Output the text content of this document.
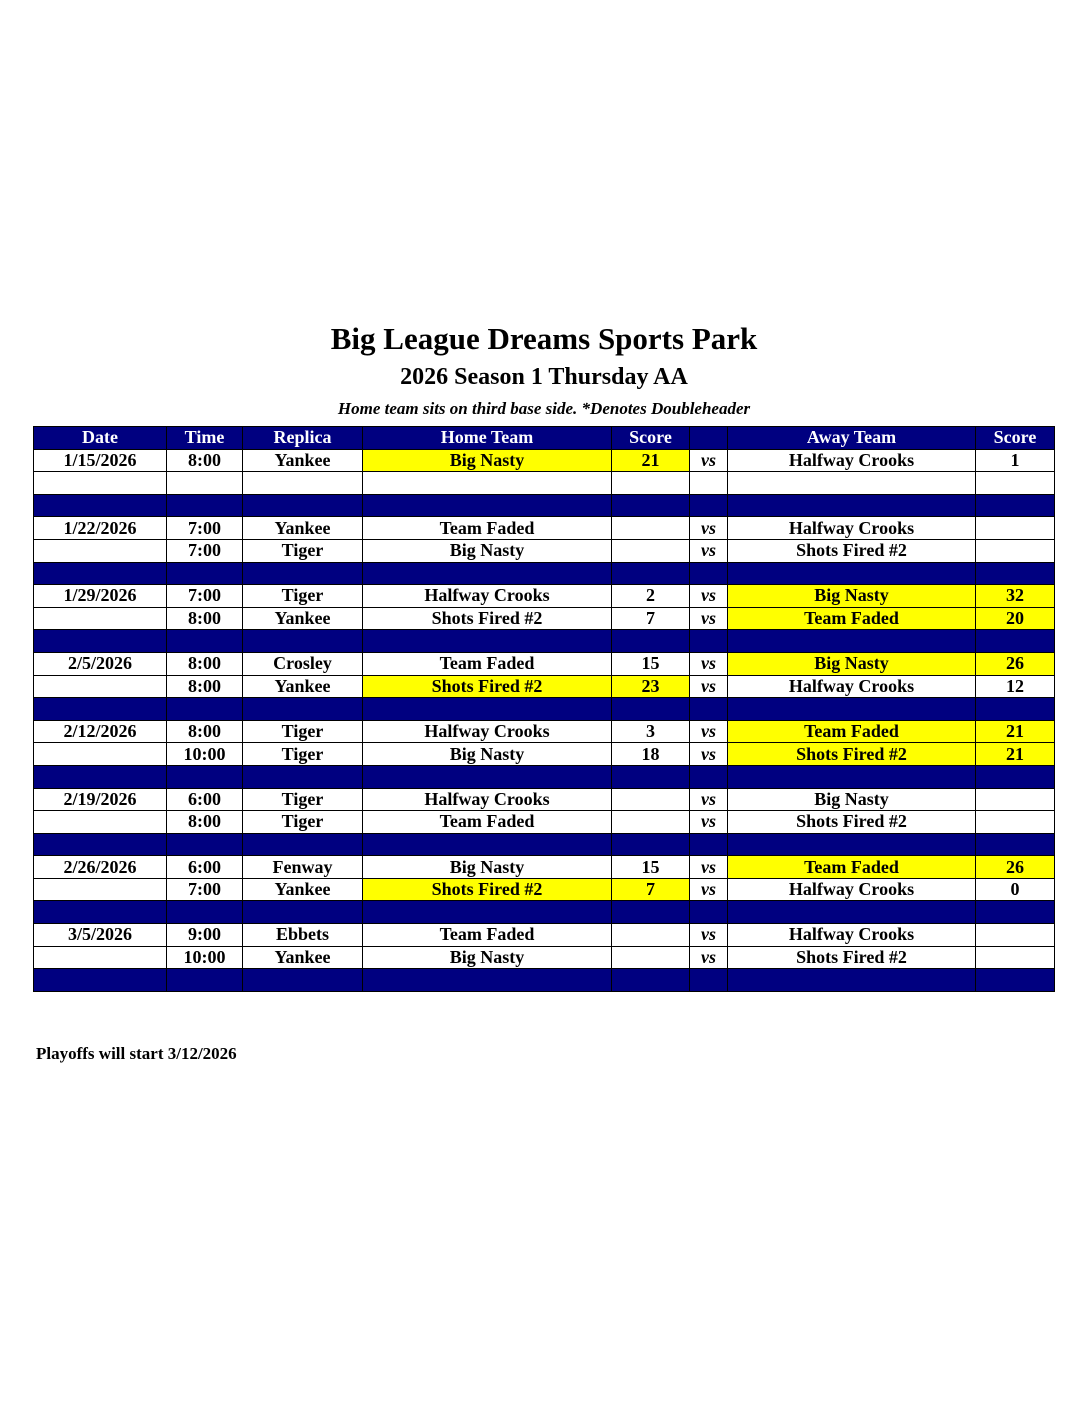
Big League Dreams Sports Park
2026 Season 1 Thursday AA
Home team sits on third base side. *Denotes Doubleheader
Date	Time	Replica	Home Team	Score		Away Team	Score
1/15/2026	8:00	Yankee	Big Nasty	21	vs	Halfway Crooks	1

1/22/2026	7:00	Yankee	Team Faded		vs	Halfway Crooks	
	7:00	Tiger	Big Nasty		vs	Shots Fired #2	

1/29/2026	7:00	Tiger	Halfway Crooks	2	vs	Big Nasty	32
	8:00	Yankee	Shots Fired #2	7	vs	Team Faded	20

2/5/2026	8:00	Crosley	Team Faded	15	vs	Big Nasty	26
	8:00	Yankee	Shots Fired #2	23	vs	Halfway Crooks	12

2/12/2026	8:00	Tiger	Halfway Crooks	3	vs	Team Faded	21
	10:00	Tiger	Big Nasty	18	vs	Shots Fired #2	21

2/19/2026	6:00	Tiger	Halfway Crooks		vs	Big Nasty	
	8:00	Tiger	Team Faded		vs	Shots Fired #2	

2/26/2026	6:00	Fenway	Big Nasty	15	vs	Team Faded	26
	7:00	Yankee	Shots Fired #2	7	vs	Halfway Crooks	0

3/5/2026	9:00	Ebbets	Team Faded		vs	Halfway Crooks	
	10:00	Yankee	Big Nasty		vs	Shots Fired #2	

Playoffs will start 3/12/2026
